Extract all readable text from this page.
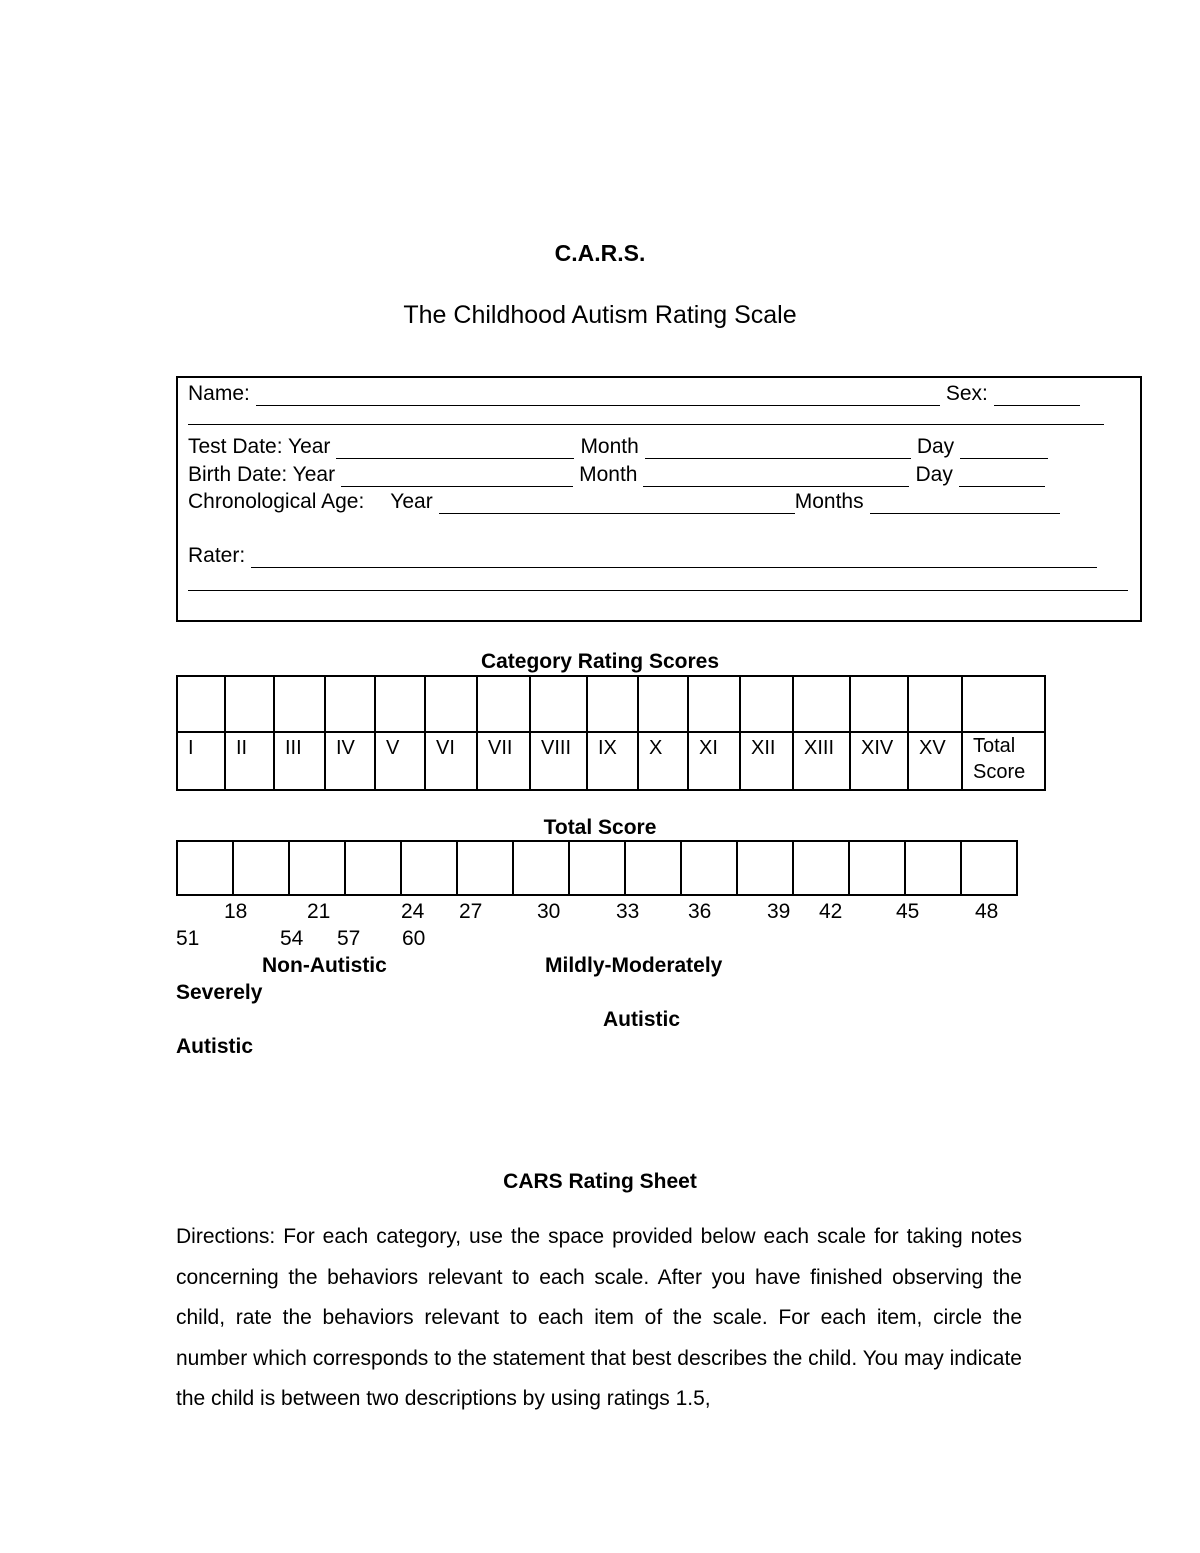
C.A.R.S.
The Childhood Autism Rating Scale
Name:	Sex:
Test Date: Year	Month	Day
Birth Date: Year	Month	Day
Chronological Age: Year	Months
Rater:
Category Rating Scores

I	II	III	IV	V	VI	VII	VIII	IX	X	XI	XII	XIII	XIV	XV	Total
Score
Total Score

18	21	24 27	30	33 36	39 42	45	48
51	54 57 60
Non-Autistic	Mildly-Moderately
Severely
Autistic
Autistic
CARS Rating Sheet
Directions: For each category, use the space provided below each scale for taking notes concerning the behaviors relevant to each scale. After you have finished observing the child, rate the behaviors relevant to each item of the scale. For each item, circle the number which corresponds to the statement that best describes the child. You may indicate the child is between two descriptions by using ratings 1.5,
